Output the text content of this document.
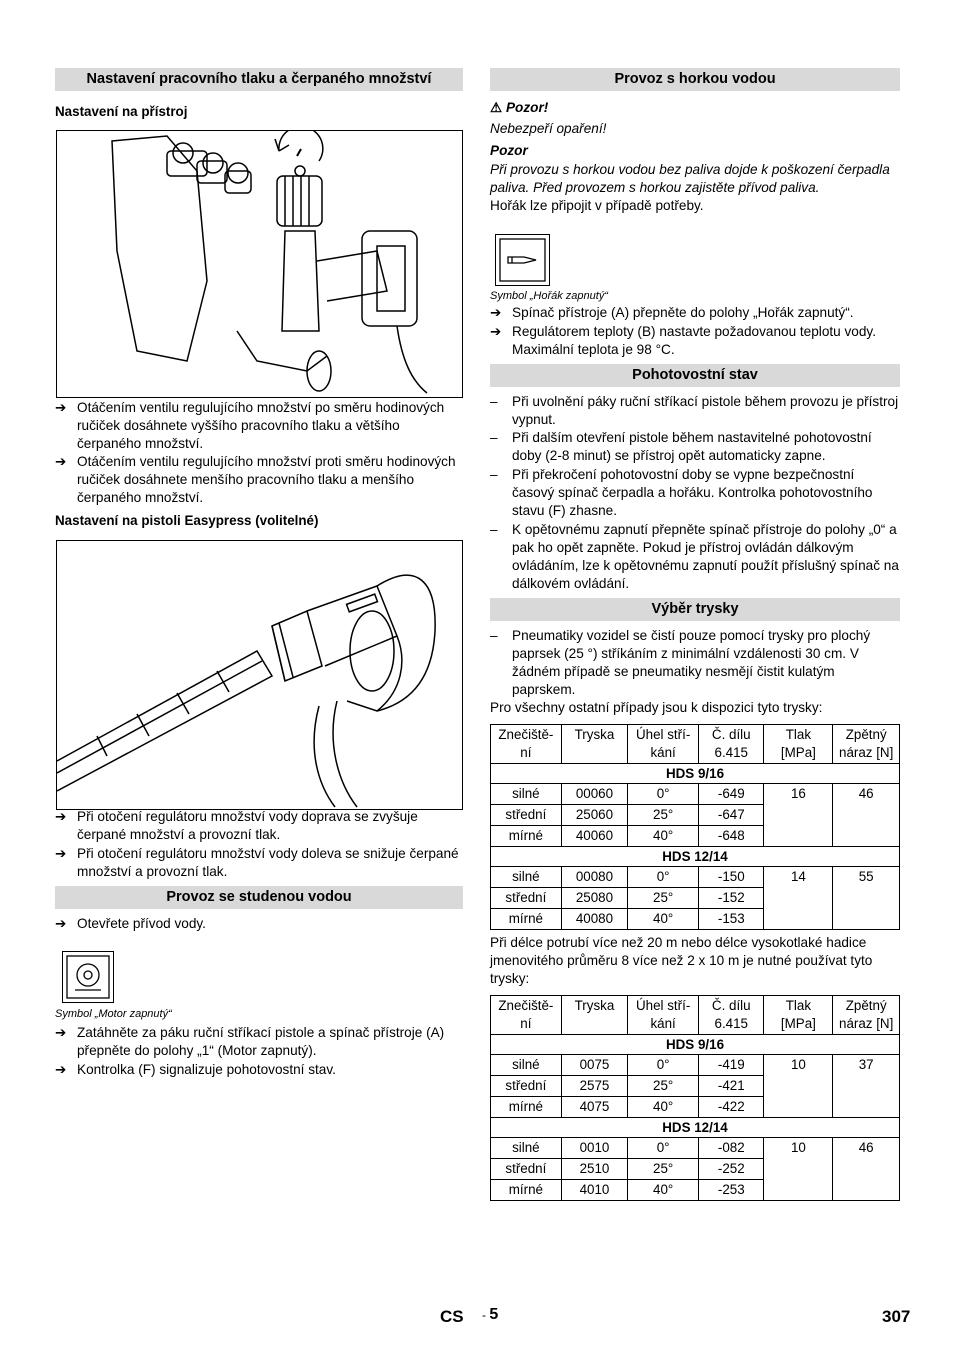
Nastavení pracovního tlaku a čerpaného množství
Nastavení na přístroj
➔ Otáčením ventilu regulujícího množství po směru hodinových ručiček dosáhnete vyššího pracovního tlaku a většího čerpaného množství.
➔ Otáčením ventilu regulujícího množství proti směru hodinových ručiček dosáhnete menšího pracovního tlaku a menšího čerpaného množství.
Nastavení na pistoli Easypress (volitelné)
➔ Při otočení regulátoru množství vody doprava se zvyšuje čerpané množství a provozní tlak.
➔ Při otočení regulátoru množství vody doleva se snižuje čerpané množství a provozní tlak.
Provoz se studenou vodou
➔ Otevřete přívod vody.
Symbol „Motor zapnutý“
➔ Zatáhněte za páku ruční stříkací pistole a spínač přístroje (A) přepněte do polohy „1“ (Motor zapnutý).
➔ Kontrolka (F) signalizuje pohotovostní stav.
Provoz s horkou vodou
⚠ Pozor!
Nebezpeří opaření!
Pozor
Při provozu s horkou vodou bez paliva dojde k poškození čerpadla paliva. Před provozem s horkou zajistěte přívod paliva.
Hořák lze připojit v případě potřeby.
Symbol „Hořák zapnutý“
➔ Spínač přístroje (A) přepněte do polohy „Hořák zapnutý“.
➔ Regulátorem teploty (B) nastavte požadovanou teplotu vody. Maximální teplota je 98 °C.
Pohotovostní stav
– Při uvolnění páky ruční stříkací pistole během provozu je přístroj vypnut.
– Při dalším otevření pistole během nastavitelné pohotovostní doby (2-8 minut) se přístroj opět automaticky zapne.
– Při překročení pohotovostní doby se vypne bezpečnostní časový spínač čerpadla a hořáku. Kontrolka pohotovostního stavu (F) zhasne.
– K opětovnému zapnutí přepněte spínač přístroje do polohy „0“ a pak ho opět zapněte. Pokud je přístroj ovládán dálkovým ovládáním, lze k opětovnému zapnutí použít příslušný spínač na dálkovém ovládání.
Výběr trysky
– Pneumatiky vozidel se čistí pouze pomocí trysky pro plochý paprsek (25 °) stříkáním z minimální vzdálenosti 30 cm. V žádném případě se pneumatiky nesmějí čistit kulatým paprskem.
Pro všechny ostatní případy jsou k dispozici tyto trysky:
Znečiště-ní	Tryska	Úhel stří-kání	Č. dílu 6.415	Tlak [MPa]	Zpětný náraz [N]
HDS 9/16					
silné	00060	0°	-649	16	46
střední	25060	25°	-647		
mírné	40060	40°	-648		
HDS 12/14					
silné	00080	0°	-150	14	55
střední	25080	25°	-152		
mírné	40080	40°	-153		
Při délce potrubí více než 20 m nebo délce vysokotlaké hadice jmenovitého průměru 8 více než 2 x 10 m je nutné používat tyto trysky:
Znečiště-ní	Tryska	Úhel stří-kání	Č. dílu 6.415	Tlak [MPa]	Zpětný náraz [N]
HDS 9/16					
silné	0075	0°	-419	10	37
střední	2575	25°	-421		
mírné	4075	40°	-422		
HDS 12/14					
silné	0010	0°	-082	10	46
střední	2510	25°	-252		
mírné	4010	40°	-253		
CS - 5	307
